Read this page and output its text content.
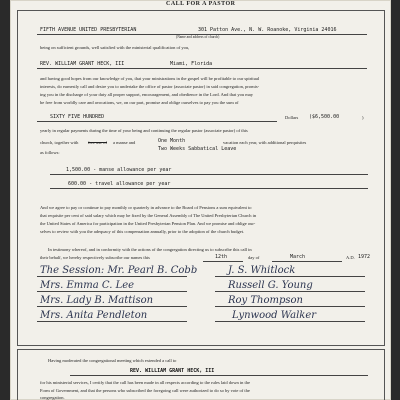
CALL FOR A PASTOR
FIFTH AVENUE UNITED PRESBYTERIAN	301 Patton Ave., N. W. Roanoke, Virginia 24016
(Name and address of church)
being on sufficient grounds, well satisfied with the ministerial qualification of you,
REV. WILLIAM GRANT HECK, III	Miami, Florida
and having good hopes from our knowledge of you, that your ministrations in the gospel will be profitable to our spiritual
interests, do earnestly call and desire you to undertake the office of pastor (associate pastor) in said congregation, promis-
ing you in the discharge of your duty all proper support, encouragement, and obedience in the Lord. And that you may
be free from worldly care and avocations, we, on our part, promise and oblige ourselves to pay you the sum of
SIXTY FIVE HUNDRED	Dollars ($6,500.00	)
yearly in regular payments during the time of your being and continuing the regular pastor (associate pastor) of this
church, together with free use of a manse and	One Month	vacation each year, with additional perquisites
Two Weeks Sabbatical Leave
as follows:
1,500.00 - manse allowance per year
600.00 - travel allowance per year
And we agree to pay or continue to pay monthly or quarterly in advance to the Board of Pensions a sum equivalent to
that requisite per cent of said salary which may be fixed by the General Assembly of The United Presbyterian Church in
the United States of America for participation in the United Presbyterian Pension Plan. And we promise and oblige our-
selves to review with you the adequacy of this compensation annually, prior to the adoption of the church budget.
In testimony whereof, and in conformity with the actions of the congregation directing us to subscribe this call in
their behalf, we hereby respectively subscribe our names this	12th	day of	March	A.D. 1972
The Session: Mr. Pearl B. Cobb
Mrs. Emma C. Lee
Mrs. Lady B. Mattison
Mrs. Anita Pendleton
J. S. Whitlock
Russell G. Young
Roy Thompson
Lynwood Walker
Having moderated the congregational meeting which extended a call to
REV. WILLIAM GRANT HECK, III
for his ministerial services, I certify that the call has been made in all respects according to the rules laid down in the
Form of Government, and that the persons who subscribed the foregoing call were authorized to do so by vote of the
congregation.
